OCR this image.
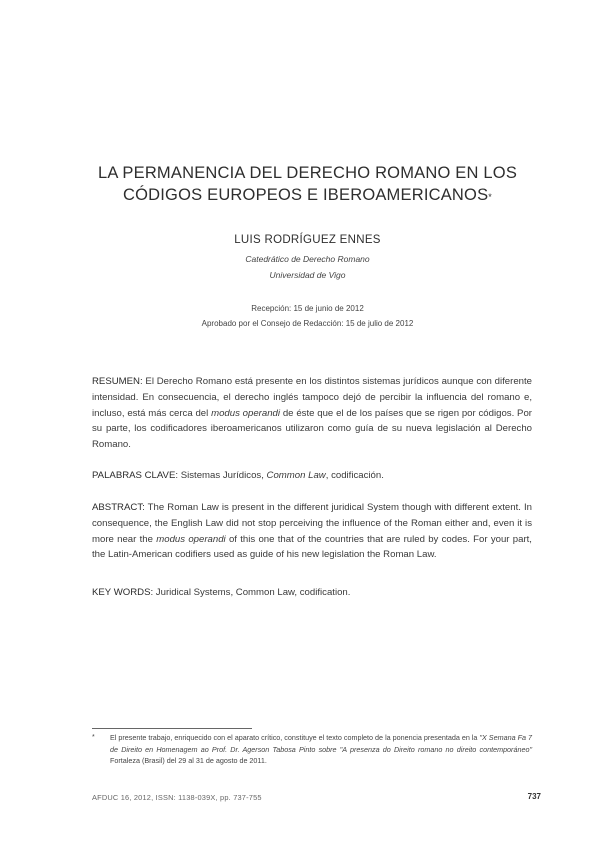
LA PERMANENCIA DEL DERECHO ROMANO EN LOS
CÓDIGOS EUROPEOS E IBEROAMERICANOS*
LUIS RODRÍGUEZ ENNES
Catedrático de Derecho Romano
Universidad de Vigo
Recepción: 15 de junio de 2012
Aprobado por el Consejo de Redacción: 15 de julio de 2012
RESUMEN: El Derecho Romano está presente en los distintos sistemas jurídicos aunque con diferente intensidad. En consecuencia, el derecho inglés tampoco dejó de percibir la influencia del romano e, incluso, está más cerca del modus operandi de éste que el de los países que se rigen por códigos. Por su parte, los codificadores iberoamericanos utilizaron como guía de su nueva legislación al Derecho Romano.
PALABRAS CLAVE: Sistemas Jurídicos, Common Law, codificación.
ABSTRACT: The Roman Law is present in the different juridical System though with different extent. In consequence, the English Law did not stop perceiving the influence of the Roman either and, even it is more near the modus operandi of this one that of the countries that are ruled by codes. For your part, the Latin-American codifiers used as guide of his new legislation the Roman Law.
KEY WORDS: Juridical Systems, Common Law, codification.
* El presente trabajo, enriquecido con el aparato crítico, constituye el texto completo de la ponencia presentada en la "X Semana Fa 7 de Direito en Homenagem ao Prof. Dr. Agerson Tabosa Pinto sobre "A presenza do Direito romano no direito contemporáneo" Fortaleza (Brasil) del 29 al 31 de agosto de 2011.
AFDUC 16, 2012, ISSN: 1138-039X, pp. 737-755	737
